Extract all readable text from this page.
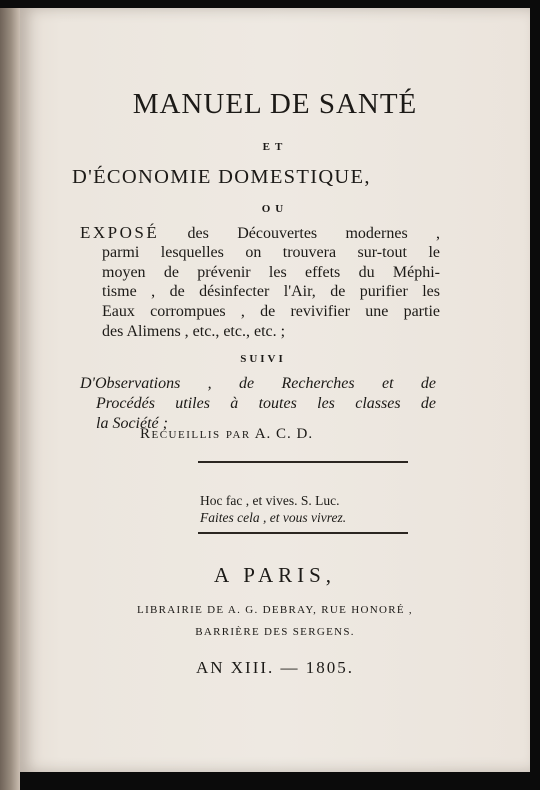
MANUEL DE SANTÉ

ET

D'ÉCONOMIE DOMESTIQUE,

OU

EXPOSÉ des Découvertes modernes ,
parmi lesquelles on trouvera sur-tout le
moyen de prévenir les effets du Méphi-
tisme , de désinfecter l'Air, de purifier les
Eaux corrompues , de revivifier une partie
des Alimens , etc., etc., etc. ;

SUIVI

D'Observations , de Recherches et de
Procédés utiles à toutes les classes de
la Société ;

Recueillis par A. C. D.

Hoc fac , et vives. S. Luc.

Faites cela , et vous vivrez.

A PARIS,

LIBRAIRIE DE A. G. DEBRAY, RUE HONORÉ ,

BARRIÈRE DES SERGENS.

AN XIII. — 1805.
